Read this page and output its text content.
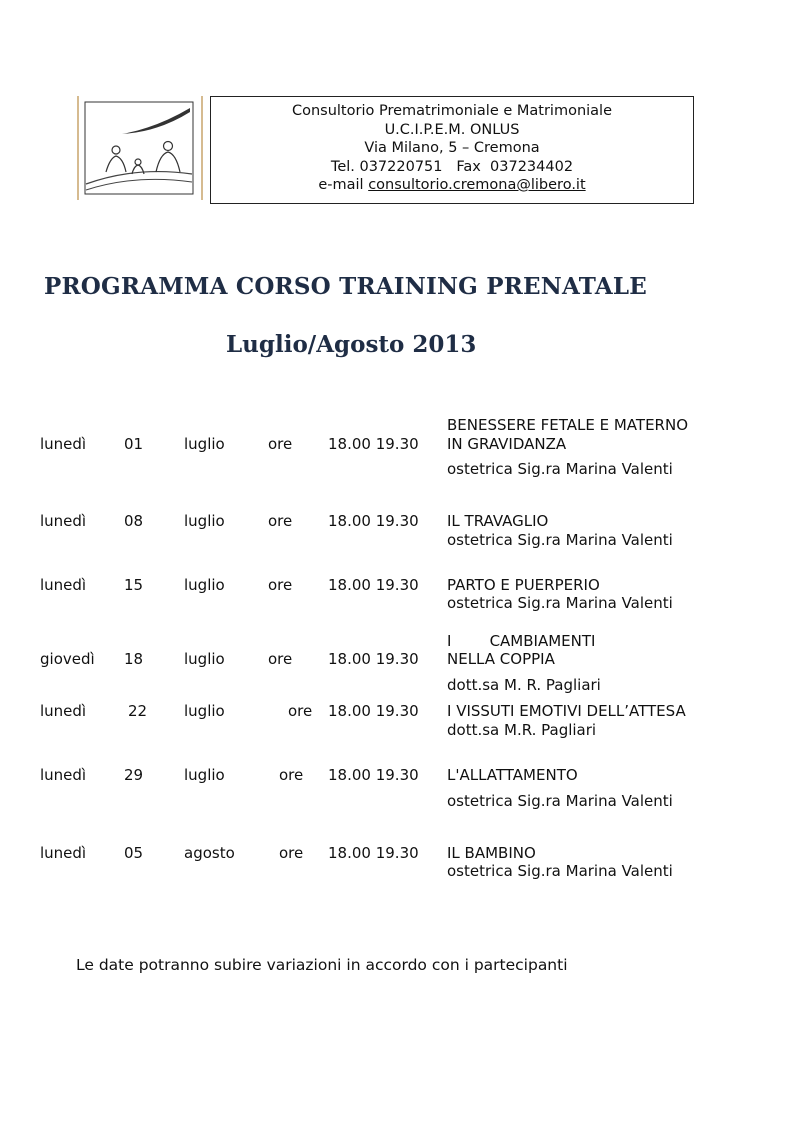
Consultorio Prematrimoniale e Matrimoniale
U.C.I.P.E.M. ONLUS
Via Milano, 5 – Cremona
Tel. 037220751   Fax  037234402
e-mail consultorio.cremona@libero.it
PROGRAMMA CORSO TRAINING PRENATALE
Luglio/Agosto 2013
lunedì	01	luglio	ore 18.00 19.30
BENESSERE FETALE E MATERNO
IN GRAVIDANZA
ostetrica Sig.ra Marina Valenti
lunedì	08	luglio	ore 18.00 19.30 IL TRAVAGLIO
ostetrica Sig.ra Marina Valenti
lunedì	15	luglio	ore 18.00 19.30 PARTO E PUERPERIO
ostetrica Sig.ra Marina Valenti
giovedì 18	luglio	ore 18.00 19.30
I        CAMBIAMENTI
NELLA COPPIA
dott.sa M. R. Pagliari
lunedì	22 luglio	ore 18.00 19.30 I VISSUTI EMOTIVI DELL’ATTESA
dott.sa M.R. Pagliari
lunedì	29	luglio	ore 18.00 19.30 L'ALLATTAMENTO
ostetrica Sig.ra Marina Valenti
lunedì	05	agosto	ore 18.00 19.30 IL BAMBINO
ostetrica Sig.ra Marina Valenti
Le date potranno subire variazioni in accordo con i partecipanti
